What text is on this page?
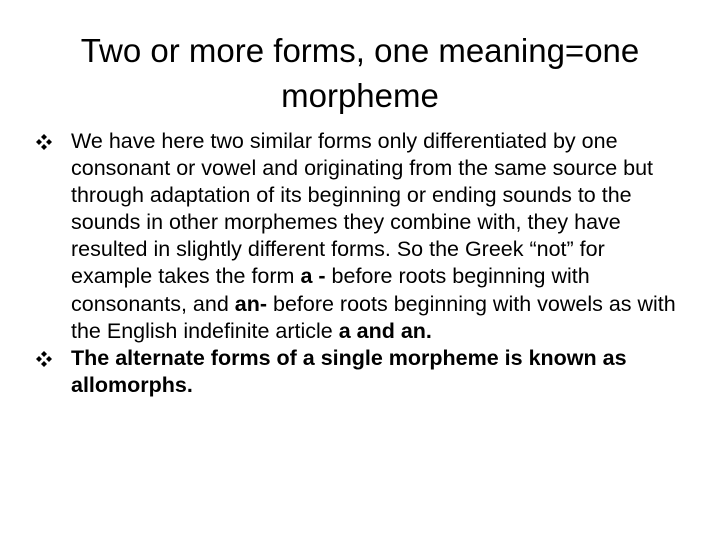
Two or more forms, one meaning=one
morpheme
We have here two similar forms only differentiated by one consonant or vowel and originating from the same source but through adaptation of its beginning or ending sounds to the sounds in other morphemes they combine with, they have resulted in slightly different forms. So the Greek “not” for example takes the form a - before roots beginning with consonants, and an- before roots beginning with vowels as with the English indefinite article a and an.
The alternate forms of a single morpheme is known as allomorphs.
